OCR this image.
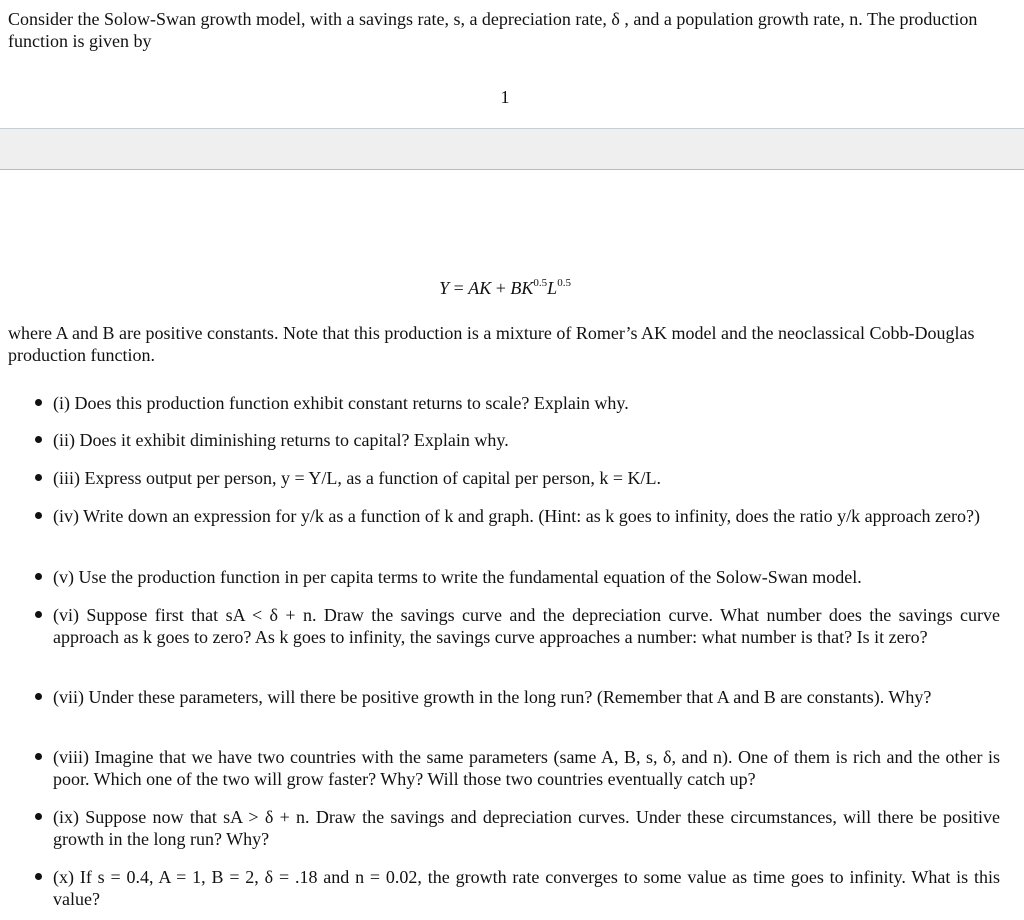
Consider the Solow-Swan growth model, with a savings rate, s, a depreciation rate, δ , and a population growth rate, n. The production function is given by
1
Y = AK + $BK^{0.5}L^{0.5}$
where A and B are positive constants. Note that this production is a mixture of Romer’s AK model and the neoclassical Cobb-Douglas production function.
(i) Does this production function exhibit constant returns to scale? Explain why.
(ii) Does it exhibit diminishing returns to capital? Explain why.
(iii) Express output per person, y = Y/L, as a function of capital per person, k = K/L.
(iv) Write down an expression for y/k as a function of k and graph. (Hint: as k goes to infinity, does the ratio y/k approach zero?)
(v) Use the production function in per capita terms to write the fundamental equation of the Solow-Swan model.
(vi) Suppose first that sA < δ + n. Draw the savings curve and the depreciation curve. What number does the savings curve approach as k goes to zero? As k goes to infinity, the savings curve approaches a number: what number is that? Is it zero?
(vii) Under these parameters, will there be positive growth in the long run? (Remember that A and B are constants). Why?
(viii) Imagine that we have two countries with the same parameters (same A, B, s, δ, and n). One of them is rich and the other is poor. Which one of the two will grow faster? Why? Will those two countries eventually catch up?
(ix) Suppose now that sA > δ + n. Draw the savings and depreciation curves. Under these circumstances, will there be positive growth in the long run? Why?
(x) If s = 0.4, A = 1, B = 2, δ = .18 and n = 0.02, the growth rate converges to some value as time goes to infinity. What is this value?
